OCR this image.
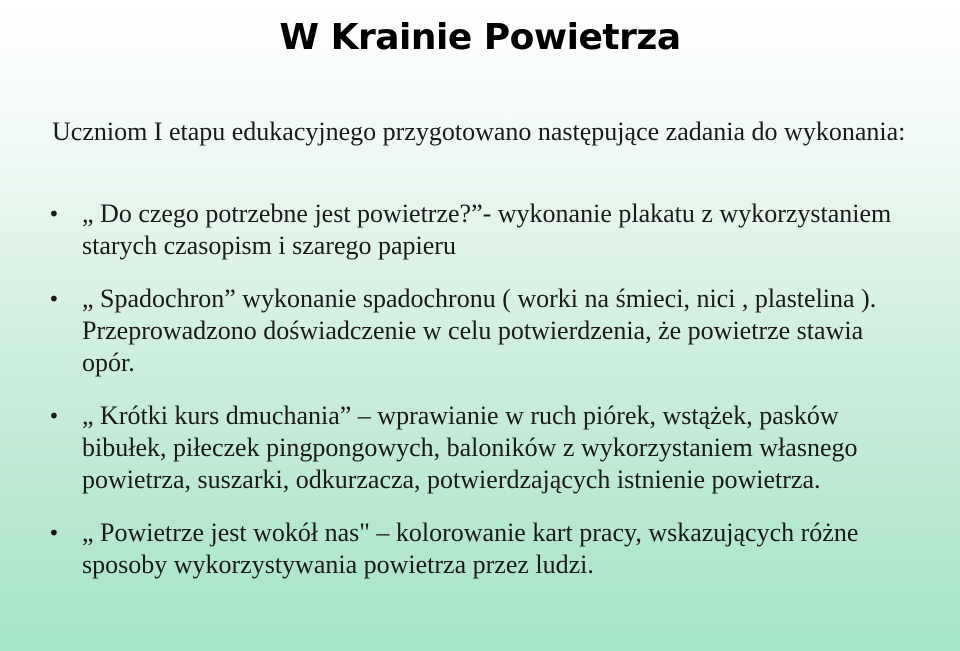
W Krainie Powietrza
Uczniom I etapu edukacyjnego przygotowano następujące zadania do wykonania:
• „ Do czego potrzebne jest powietrze?”- wykonanie plakatu z wykorzystaniem starych czasopism i szarego papieru
• „ Spadochron” wykonanie spadochronu ( worki na śmieci, nici , plastelina ). Przeprowadzono doświadczenie w celu potwierdzenia, że powietrze stawia opór.
• „ Krótki kurs dmuchania” – wprawianie w ruch piórek, wstążek, pasków bibułek, piłeczek pingpongowych, baloników z wykorzystaniem własnego powietrza, suszarki, odkurzacza, potwierdzających istnienie powietrza.
• „ Powietrze jest wokół nas" – kolorowanie kart pracy, wskazujących różne sposoby wykorzystywania powietrza przez ludzi.
